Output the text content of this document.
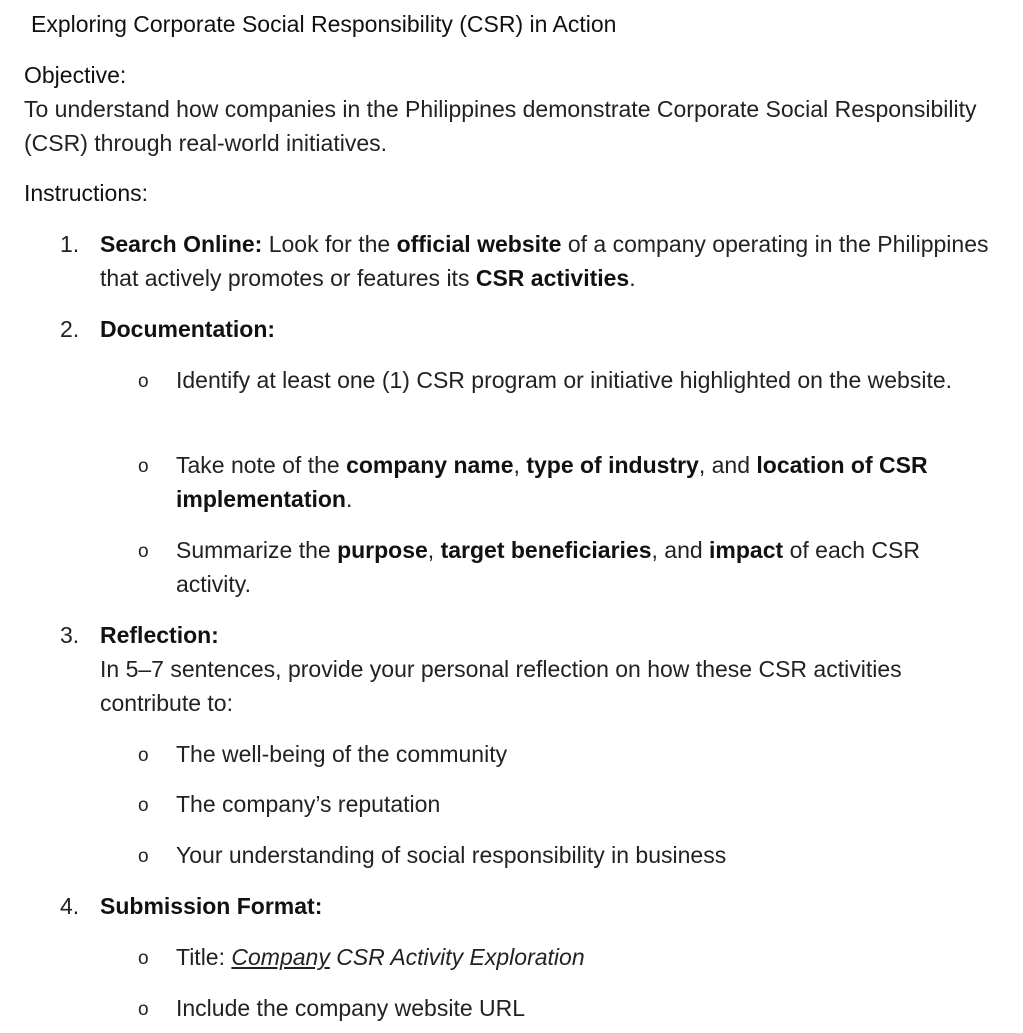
Exploring Corporate Social Responsibility (CSR) in Action
Objective:
To understand how companies in the Philippines demonstrate Corporate Social Responsibility (CSR) through real-world initiatives.
Instructions:
1. Search Online: Look for the official website of a company operating in the Philippines that actively promotes or features its CSR activities.
2. Documentation:
o	Identify at least one (1) CSR program or initiative highlighted on the website.
o	Take note of the company name, type of industry, and location of CSR implementation.
o	Summarize the purpose, target beneficiaries, and impact of each CSR activity.
3. Reflection:
In 5–7 sentences, provide your personal reflection on how these CSR activities contribute to:
o	The well-being of the community
o	The company’s reputation
o	Your understanding of social responsibility in business
4. Submission Format:
o	Title: Company CSR Activity Exploration
o	Include the company website URL
